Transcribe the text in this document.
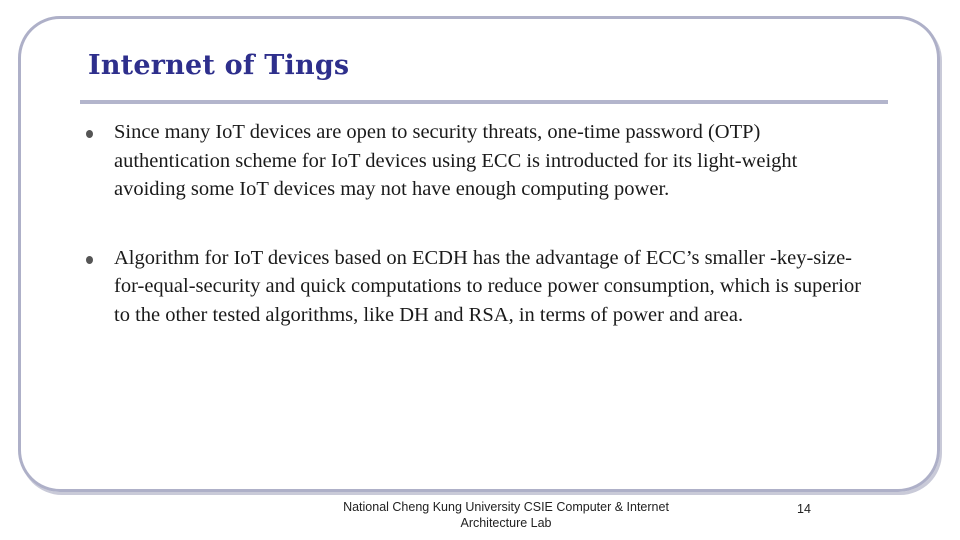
Internet of Tings
Since many IoT devices are open to security threats, one-time password (OTP) authentication scheme for IoT devices using ECC is introducted for its light-weight avoiding some IoT devices may not have enough computing power.
Algorithm for IoT devices based on ECDH has the advantage of ECC’s smaller -key-size-for-equal-security and quick computations to reduce power consumption, which is superior to the other tested algorithms, like DH and RSA, in terms of power and area.
National Cheng Kung University CSIE Computer & Internet
Architecture Lab
14
